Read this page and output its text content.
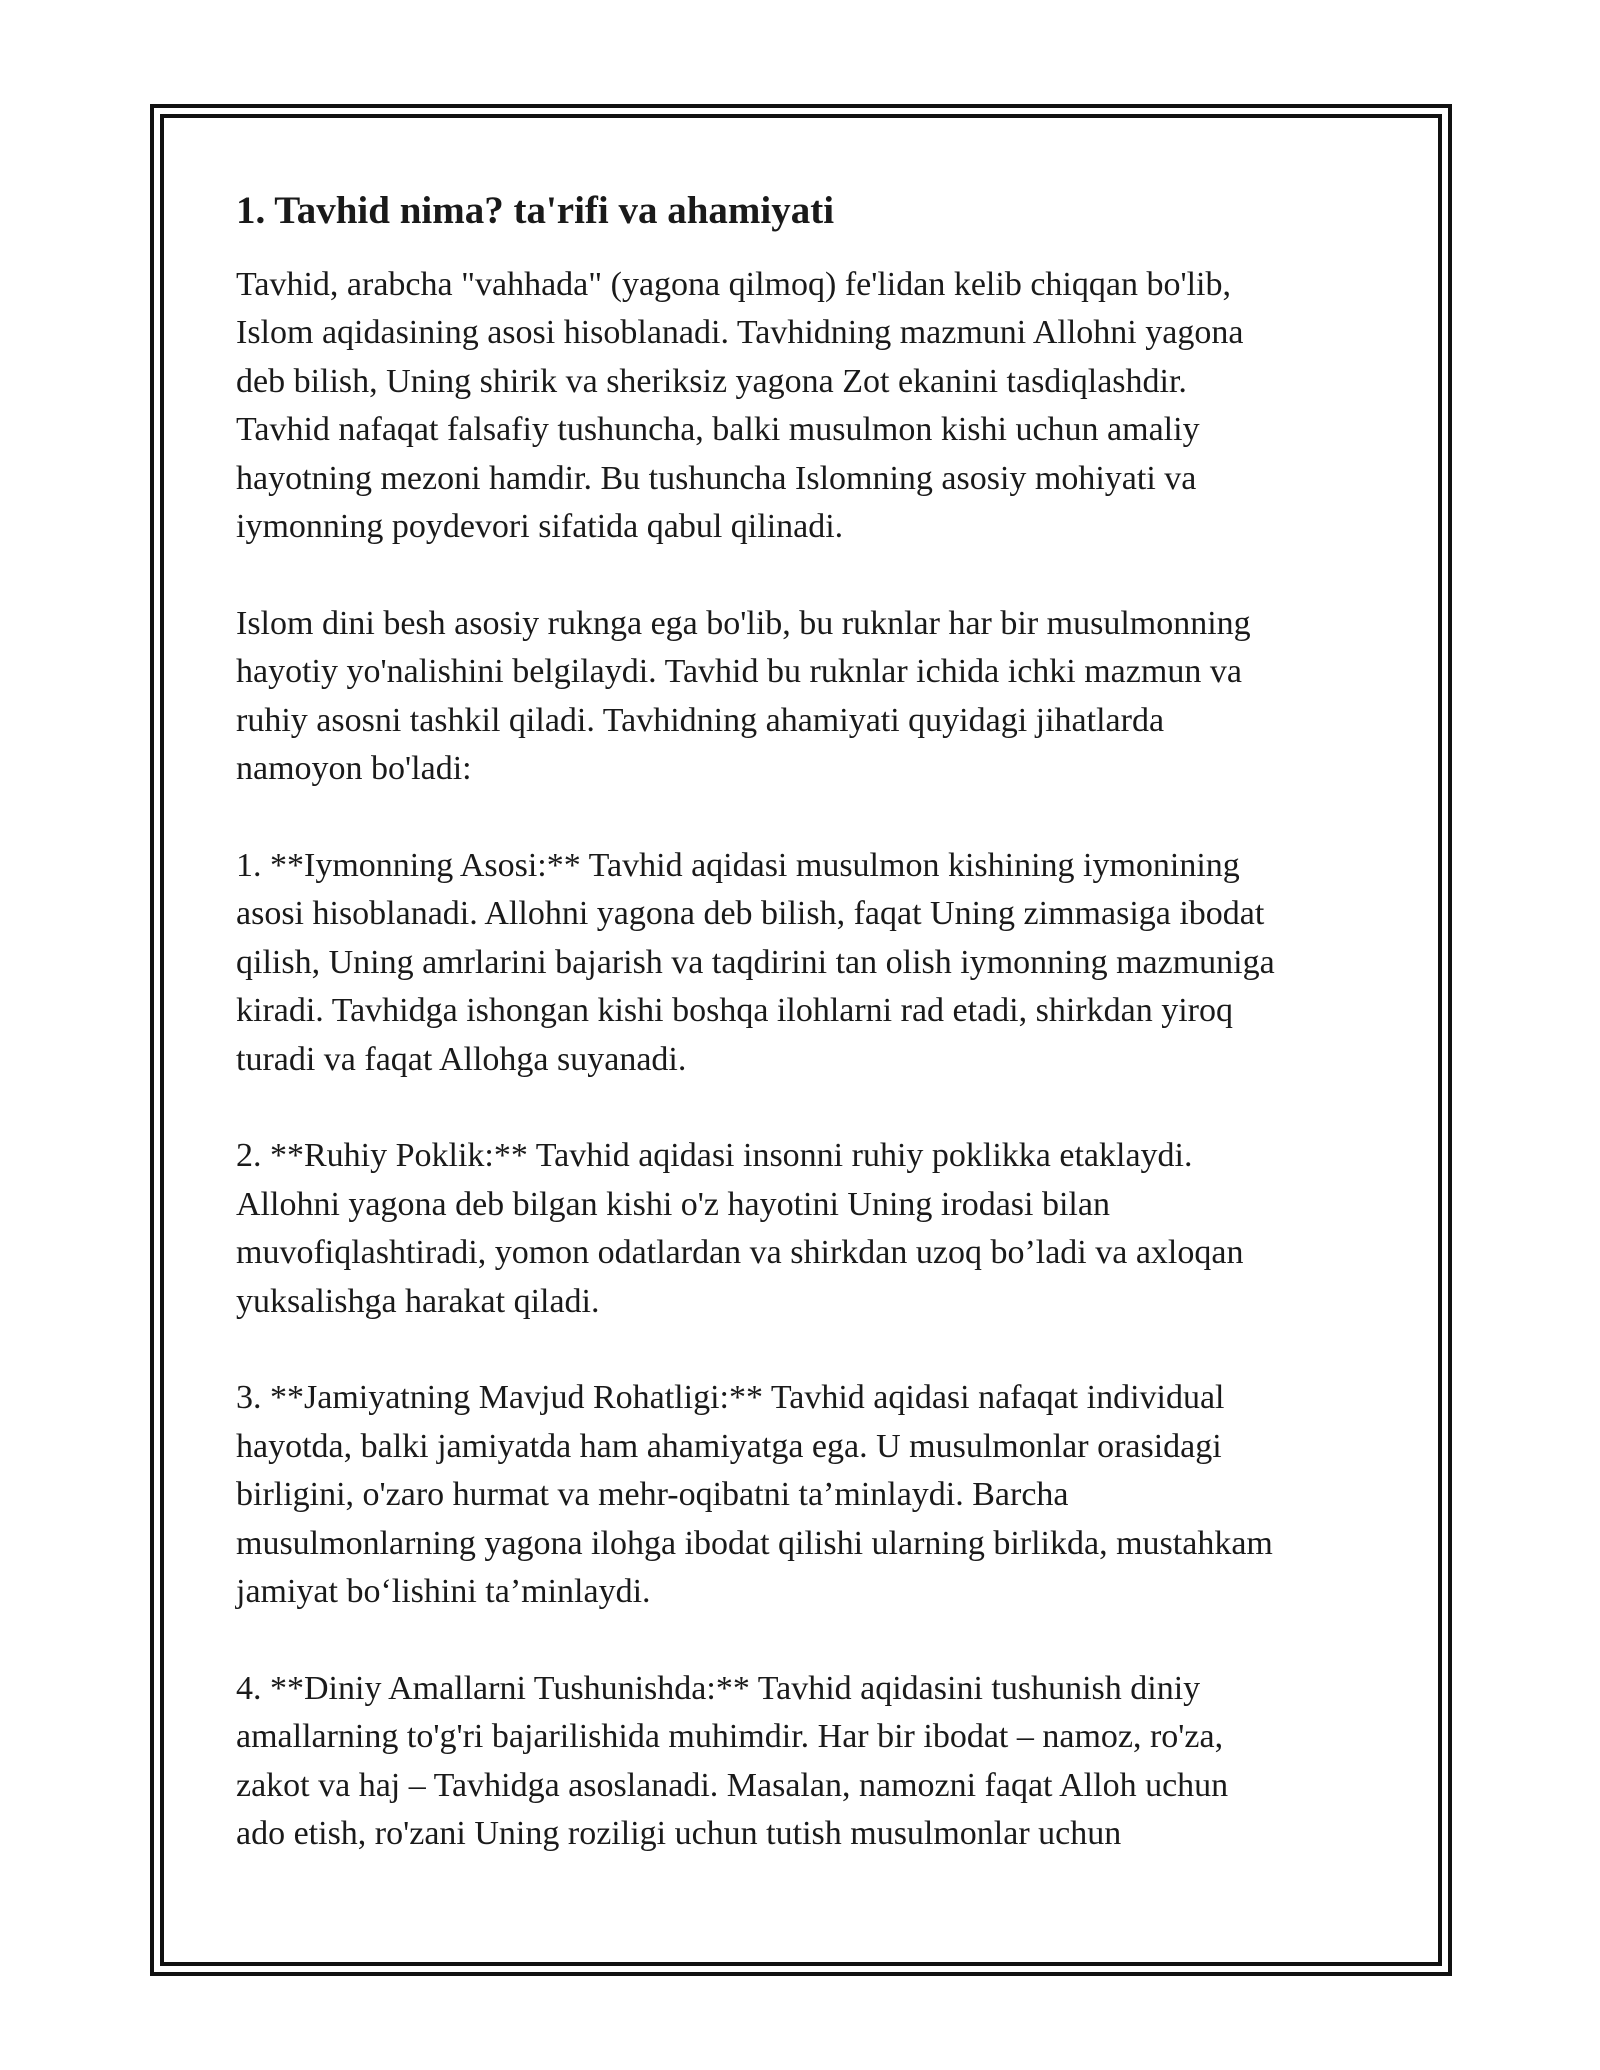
1. Tavhid nima? ta'rifi va ahamiyati

Tavhid, arabcha "vahhada" (yagona qilmoq) fe'lidan kelib chiqqan bo'lib,
Islom aqidasining asosi hisoblanadi. Tavhidning mazmuni Allohni yagona
deb bilish, Uning shirik va sheriksiz yagona Zot ekanini tasdiqlashdir.
Tavhid nafaqat falsafiy tushuncha, balki musulmon kishi uchun amaliy
hayotning mezoni hamdir. Bu tushuncha Islomning asosiy mohiyati va
iymonning poydevori sifatida qabul qilinadi.

Islom dini besh asosiy ruknga ega bo'lib, bu ruknlar har bir musulmonning
hayotiy yo'nalishini belgilaydi. Tavhid bu ruknlar ichida ichki mazmun va
ruhiy asosni tashkil qiladi. Tavhidning ahamiyati quyidagi jihatlarda
namoyon bo'ladi:

1. **Iymonning Asosi:** Tavhid aqidasi musulmon kishining iymonining
asosi hisoblanadi. Allohni yagona deb bilish, faqat Uning zimmasiga ibodat
qilish, Uning amrlarini bajarish va taqdirini tan olish iymonning mazmuniga
kiradi. Tavhidga ishongan kishi boshqa ilohlarni rad etadi, shirkdan yiroq
turadi va faqat Allohga suyanadi.

2. **Ruhiy Poklik:** Tavhid aqidasi insonni ruhiy poklikka etaklaydi.
Allohni yagona deb bilgan kishi o'z hayotini Uning irodasi bilan
muvofiqlashtiradi, yomon odatlardan va shirkdan uzoq bo’ladi va axloqan
yuksalishga harakat qiladi.

3. **Jamiyatning Mavjud Rohatligi:** Tavhid aqidasi nafaqat individual
hayotda, balki jamiyatda ham ahamiyatga ega. U musulmonlar orasidagi
birligini, o'zaro hurmat va mehr-oqibatni ta’minlaydi. Barcha
musulmonlarning yagona ilohga ibodat qilishi ularning birlikda, mustahkam
jamiyat bo‘lishini ta’minlaydi.

4. **Diniy Amallarni Tushunishda:** Tavhid aqidasini tushunish diniy
amallarning to'g'ri bajarilishida muhimdir. Har bir ibodat – namoz, ro'za,
zakot va haj – Tavhidga asoslanadi. Masalan, namozni faqat Alloh uchun
ado etish, ro'zani Uning roziligi uchun tutish musulmonlar uchun
